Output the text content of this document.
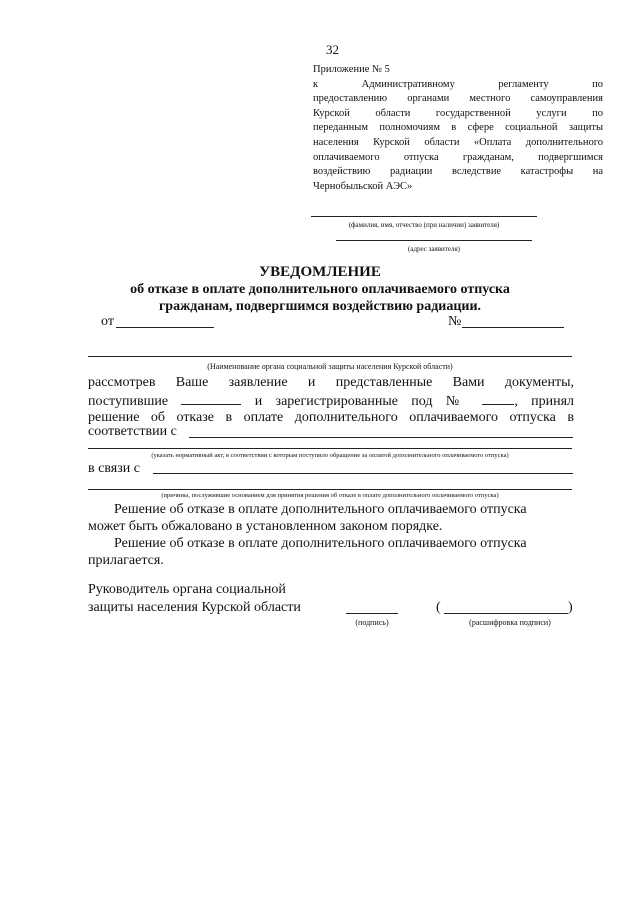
32
Приложение № 5
к Административному регламенту по
предоставлению органами местного самоуправления
Курской области государственной услуги по
переданным полномочиям в сфере социальной защиты
населения Курской области «Оплата дополнительного
оплачиваемого отпуска гражданам, подвергшимся
воздействию радиации вследствие катастрофы на
Чернобыльской АЭС»
(фамилия, имя, отчество (при наличии) заявителя)
(адрес заявителя)
УВЕДОМЛЕНИЕ
об отказе в оплате дополнительного оплачиваемого отпуска
гражданам, подвергшимся воздействию радиации.
от	№
(Наименование органа социальной защиты населения Курской области)
рассмотрев Ваше заявление и представленные Вами документы,
поступившие	и зарегистрированные под №	, принял
решение об отказе в оплате дополнительного оплачиваемого отпуска в
соответствии с
(указать нормативный акт, в соответствии с которым поступило обращение за оплатой дополнительного оплачиваемого отпуска)
в связи с
(причины, послужившие основанием для принятия решения об отказе в оплате дополнительного оплачиваемого отпуска)
Решение об отказе в оплате дополнительного оплачиваемого отпуска
может быть обжаловано в установленном законом порядке.
Решение об отказе в оплате дополнительного оплачиваемого отпуска
прилагается.
Руководитель органа социальной
защиты населения Курской области
(подпись)
(	)
(расшифровка подписи)
